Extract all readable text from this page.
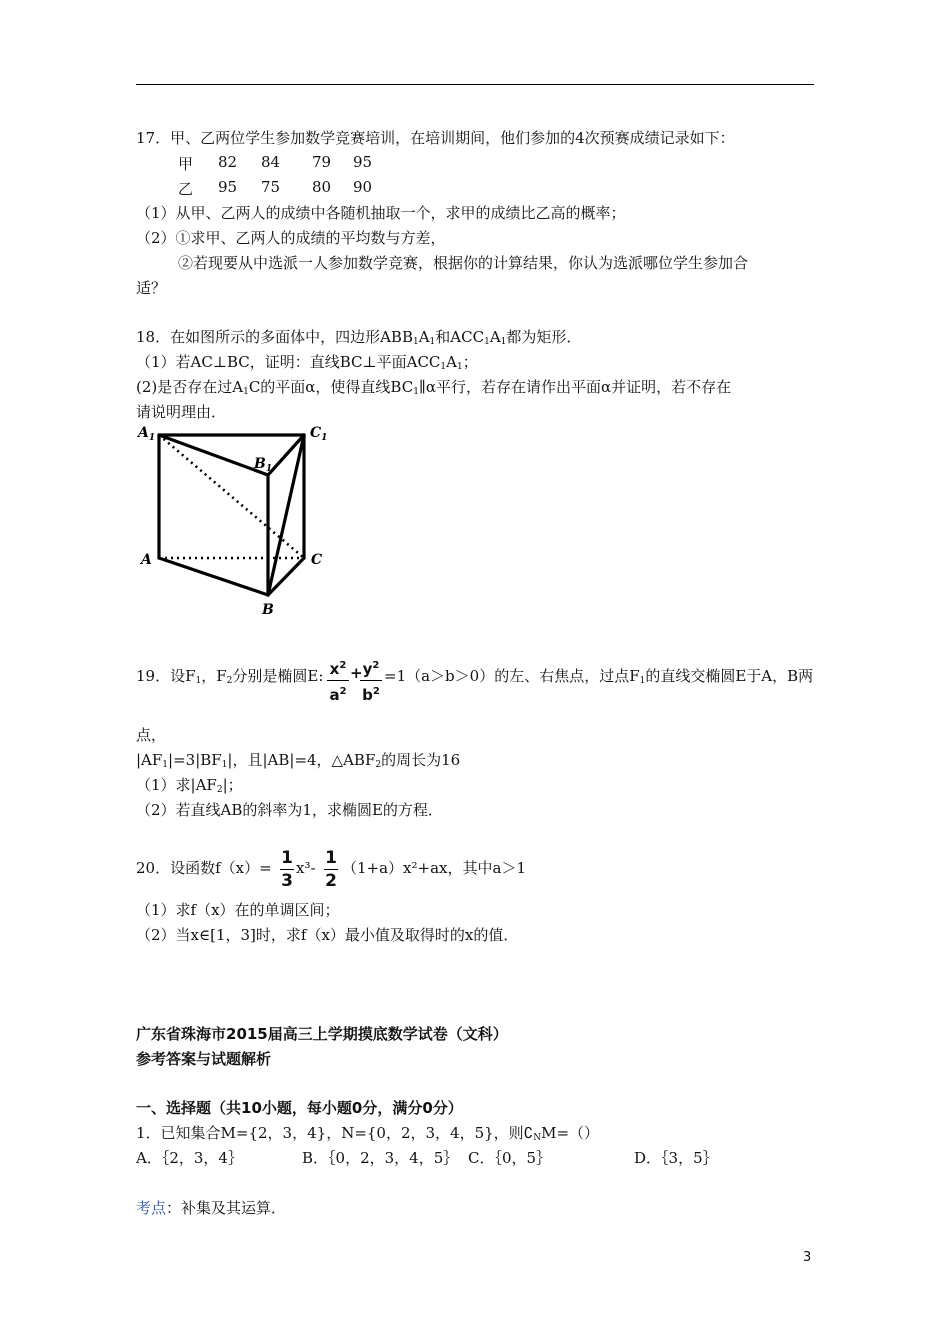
17．甲、乙两位学生参加数学竞赛培训，在培训期间，他们参加的4次预赛成绩记录如下：
甲 82 84 79 95
乙 95 75 80 90
（1）从甲、乙两人的成绩中各随机抽取一个，求甲的成绩比乙高的概率；
（2）①求甲、乙两人的成绩的平均数与方差，
②若现要从中选派一人参加数学竞赛，根据你的计算结果，你认为选派哪位学生参加合
适？
18．在如图所示的多面体中，四边形$ABB_1A_1$和$ACC_1A_1$都为矩形．
（1）若AC⊥BC，证明：直线BC⊥平面$ACC_1A_1$；
(2)是否存在过$A_1C$的平面α，使得直线$BC_1\parallel\alpha$平行，若存在请作出平面α并证明，若不存在
请说明理由．
$A_1$	$C_1$
$B_1$
A	C
B
19．设$F_1$，$F_2$分别是椭圆E: $x^2$
$a^2$
+ $y^2$
$b^2$
=1（a＞b＞0）的左、右焦点，过点$F_1$的直线交椭圆E于A，B两
点，
$|AF_1|=3|BF_1|$，且|AB|=4，$\triangle ABF_2$的周长为16
（1）求$|AF_2|$；
（2）若直线AB的斜率为1，求椭圆E的方程．
20．设函数f（x）= 1
3
x³- 1
2
（1+a）x²+ax，其中a＞1
（1）求f（x）在的单调区间；
（2）当x∈[1，3]时，求f（x）最小值及取得时的x的值．
广东省珠海市2015届高三上学期摸底数学试卷（文科）
参考答案与试题解析
一、选择题（共10小题，每小题0分，满分0分）
1．已知集合M={2，3，4}，N={0，2，3，4，5}，则$∁_NM=()$
A．｛2，3，4｝	B．｛0，2，3，4，5｝ C．｛0，5｝	D．｛3，5｝
考点：补集及其运算．
3
